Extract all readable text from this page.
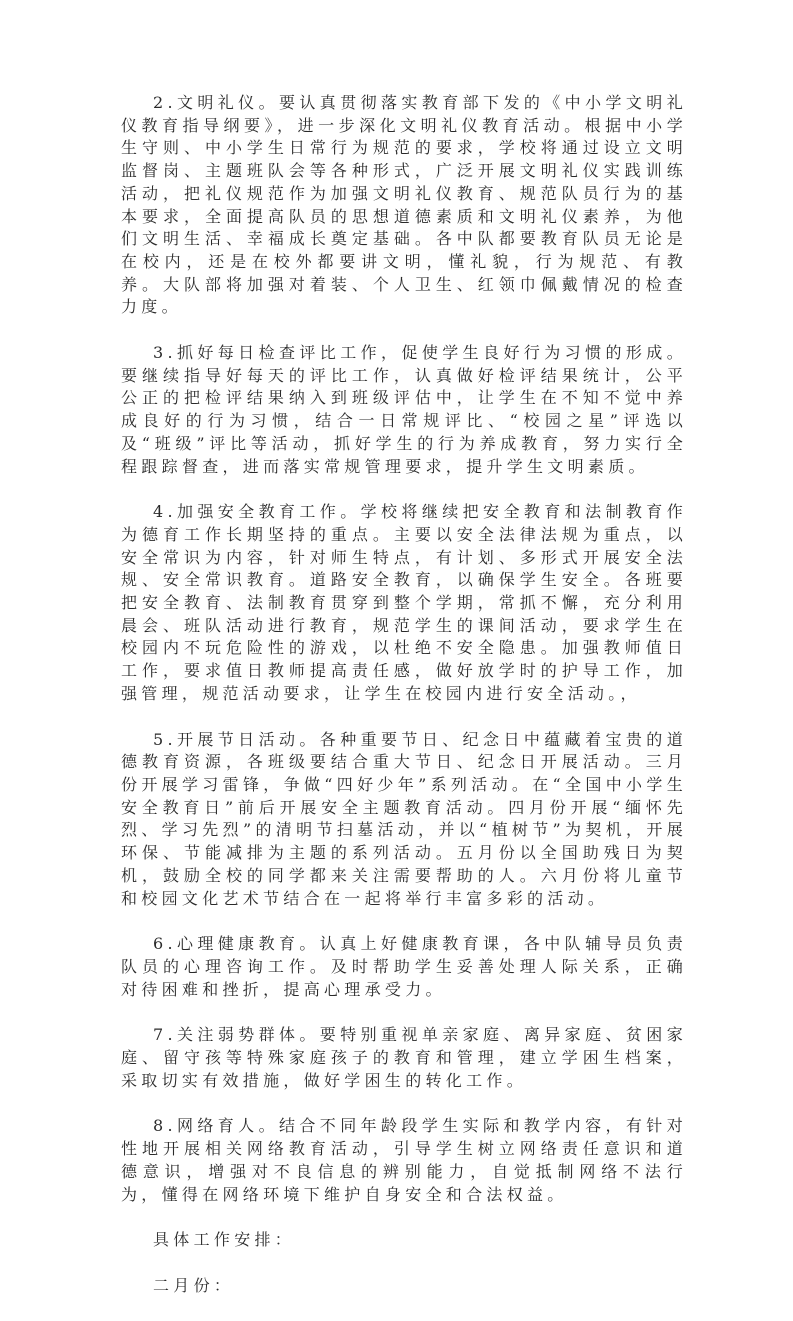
2.文明礼仪。要认真贯彻落实教育部下发的《中小学文明礼仪教育指导纲要》，进一步深化文明礼仪教育活动。根据中小学生守则、中小学生日常行为规范的要求，学校将通过设立文明监督岗、主题班队会等各种形式，广泛开展文明礼仪实践训练活动，把礼仪规范作为加强文明礼仪教育、规范队员行为的基本要求，全面提高队员的思想道德素质和文明礼仪素养，为他们文明生活、幸福成长奠定基础。各中队都要教育队员无论是在校内，还是在校外都要讲文明，懂礼貌，行为规范、有教养。大队部将加强对着装、个人卫生、红领巾佩戴情况的检查力度。

3.抓好每日检查评比工作，促使学生良好行为习惯的形成。要继续指导好每天的评比工作，认真做好检评结果统计，公平公正的把检评结果纳入到班级评估中，让学生在不知不觉中养成良好的行为习惯，结合一日常规评比、“校园之星”评选以及“班级”评比等活动，抓好学生的行为养成教育，努力实行全程跟踪督查，进而落实常规管理要求，提升学生文明素质。

4.加强安全教育工作。学校将继续把安全教育和法制教育作为德育工作长期坚持的重点。主要以安全法律法规为重点，以安全常识为内容，针对师生特点，有计划、多形式开展安全法规、安全常识教育。道路安全教育，以确保学生安全。各班要把安全教育、法制教育贯穿到整个学期，常抓不懈，充分利用晨会、班队活动进行教育，规范学生的课间活动，要求学生在校园内不玩危险性的游戏，以杜绝不安全隐患。加强教师值日工作，要求值日教师提高责任感，做好放学时的护导工作，加强管理，规范活动要求，让学生在校园内进行安全活动。，

5.开展节日活动。各种重要节日、纪念日中蕴藏着宝贵的道德教育资源，各班级要结合重大节日、纪念日开展活动。三月份开展学习雷锋，争做“四好少年”系列活动。在“全国中小学生安全教育日”前后开展安全主题教育活动。四月份开展“缅怀先烈、学习先烈”的清明节扫墓活动，并以“植树节”为契机，开展环保、节能减排为主题的系列活动。五月份以全国助残日为契机，鼓励全校的同学都来关注需要帮助的人。六月份将儿童节和校园文化艺术节结合在一起将举行丰富多彩的活动。

6.心理健康教育。认真上好健康教育课，各中队辅导员负责队员的心理咨询工作。及时帮助学生妥善处理人际关系，正确对待困难和挫折，提高心理承受力。

7.关注弱势群体。要特别重视单亲家庭、离异家庭、贫困家庭、留守孩等特殊家庭孩子的教育和管理，建立学困生档案，采取切实有效措施，做好学困生的转化工作。

8.网络育人。结合不同年龄段学生实际和教学内容，有针对性地开展相关网络教育活动，引导学生树立网络责任意识和道德意识，增强对不良信息的辨别能力，自觉抵制网络不法行为，懂得在网络环境下维护自身安全和合法权益。

具体工作安排：

二月份：
